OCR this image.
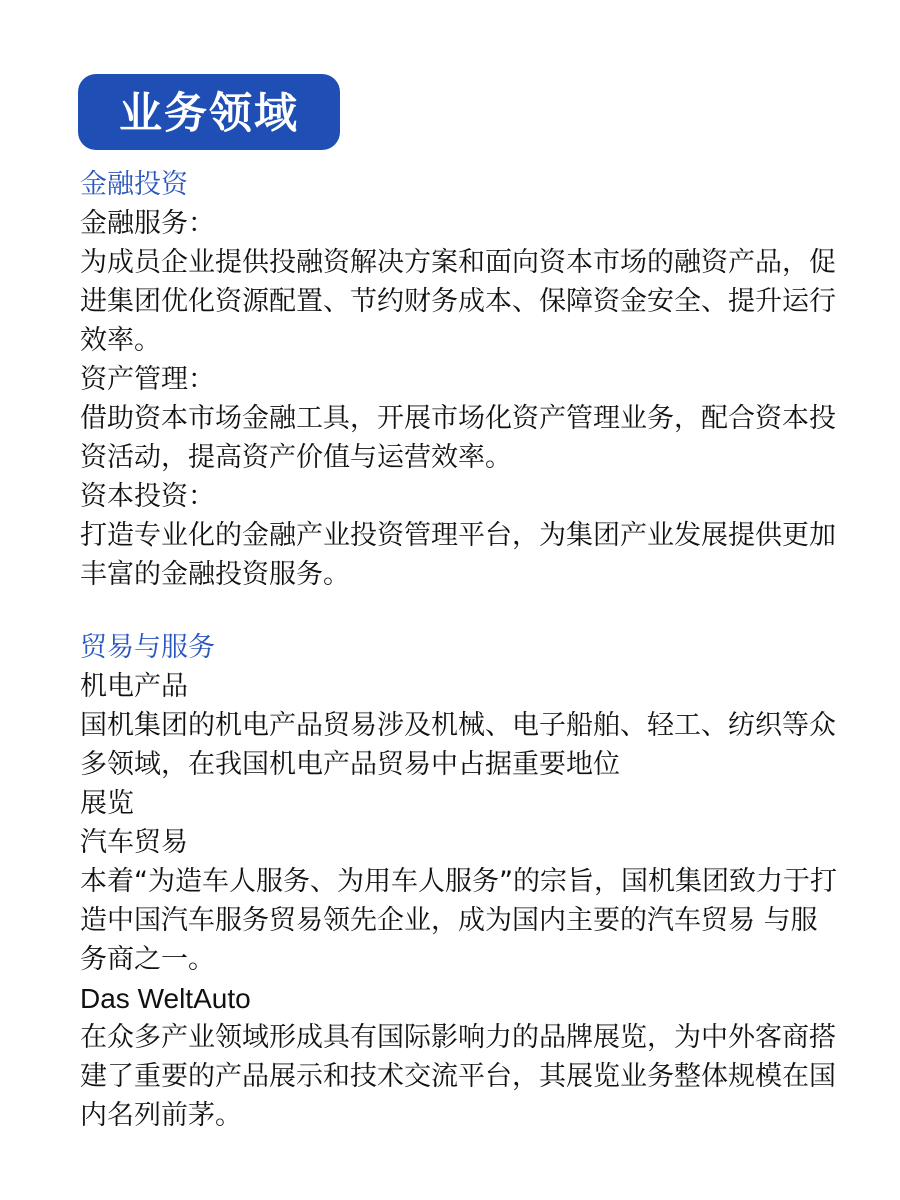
业务领域
金融投资

金融服务：

为成员企业提供投融资解决方案和面向资本市场的融资产品，促进集团优化资源配置、节约财务成本、保障资金安全、提升运行效率。

资产管理：

借助资本市场金融工具，开展市场化资产管理业务，配合资本投资活动，提高资产价值与运营效率。

资本投资：

打造专业化的金融产业投资管理平台，为集团产业发展提供更加丰富的金融投资服务。

贸易与服务

机电产品

国机集团的机电产品贸易涉及机械、电子船舶、轻工、纺织等众多领域，在我国机电产品贸易中占据重要地位

展览

汽车贸易

本着“为造车人服务、为用车人服务”的宗旨，国机集团致力于打造中国汽车服务贸易领先企业，成为国内主要的汽车贸易 与服务商之一。

Das WeltAuto

在众多产业领域形成具有国际影响力的品牌展览，为中外客商搭建了重要的产品展示和技术交流平台，其展览业务整体规模在国内名列前茅。
